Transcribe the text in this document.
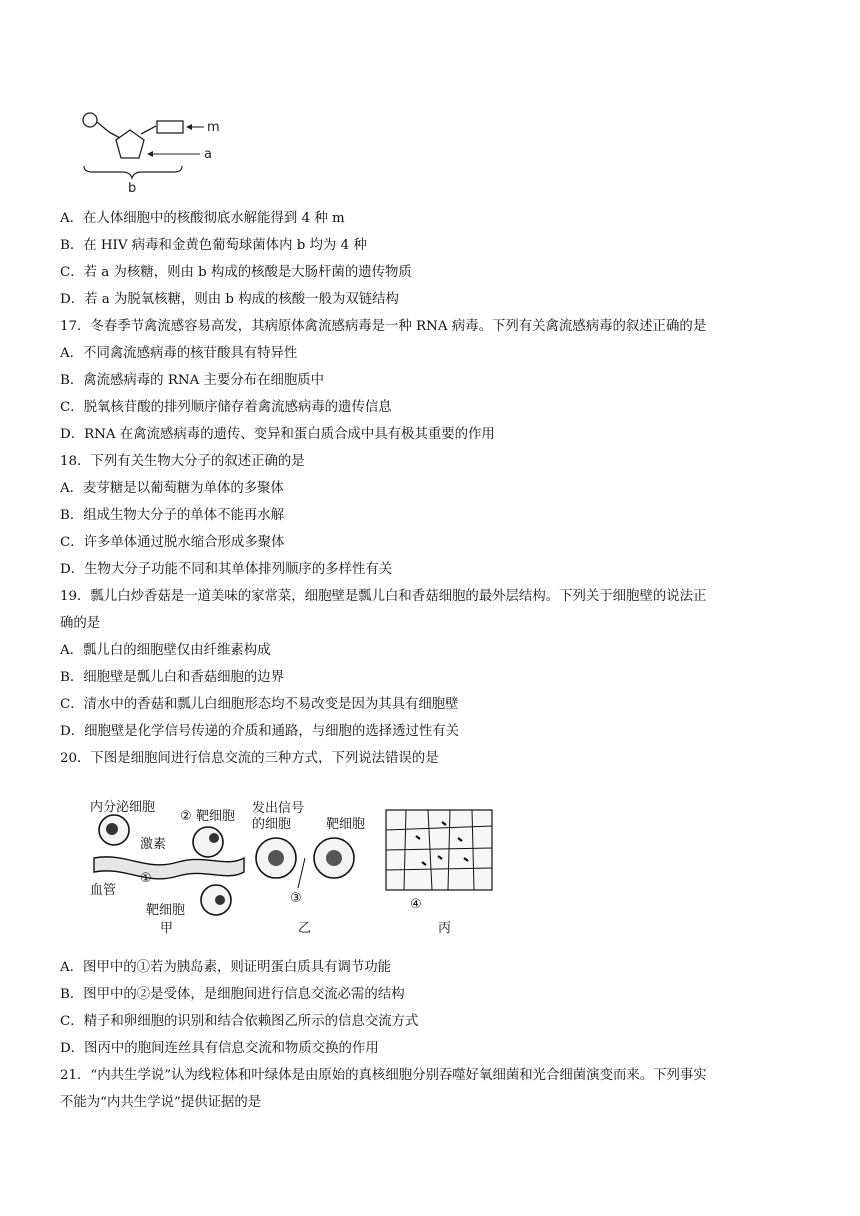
m
a
b
A．在人体细胞中的核酸彻底水解能得到 4 种 m
B．在 HIV 病毒和金黄色葡萄球菌体内 b 均为 4 种
C．若 a 为核糖，则由 b 构成的核酸是大肠杆菌的遗传物质
D．若 a 为脱氧核糖，则由 b 构成的核酸一般为双链结构
17．冬春季节禽流感容易高发，其病原体禽流感病毒是一种 RNA 病毒。下列有关禽流感病毒的叙述正确的是
A．不同禽流感病毒的核苷酸具有特异性
B．禽流感病毒的 RNA 主要分布在细胞质中
C．脱氧核苷酸的排列顺序储存着禽流感病毒的遗传信息
D．RNA 在禽流感病毒的遗传、变异和蛋白质合成中具有极其重要的作用
18．下列有关生物大分子的叙述正确的是
A．麦芽糖是以葡萄糖为单体的多聚体
B．组成生物大分子的单体不能再水解
C．许多单体通过脱水缩合形成多聚体
D．生物大分子功能不同和其单体排列顺序的多样性有关
19．瓢儿白炒香菇是一道美味的家常菜，细胞壁是瓢儿白和香菇细胞的最外层结构。下列关于细胞壁的说法正
确的是
A．瓢儿白的细胞壁仅由纤维素构成
B．细胞壁是瓢儿白和香菇细胞的边界
C．清水中的香菇和瓢儿白细胞形态均不易改变是因为其具有细胞壁
D．细胞壁是化学信号传递的介质和通路，与细胞的选择透过性有关
20．下图是细胞间进行信息交流的三种方式，下列说法错误的是
内分泌细胞
② 靶细胞
激素
①
血管
靶细胞
甲
发出信号
的细胞	靶细胞
③
乙
④
丙
A．图甲中的①若为胰岛素，则证明蛋白质具有调节功能
B．图甲中的②是受体，是细胞间进行信息交流必需的结构
C．精子和卵细胞的识别和结合依赖图乙所示的信息交流方式
D．图丙中的胞间连丝具有信息交流和物质交换的作用
21．“内共生学说”认为线粒体和叶绿体是由原始的真核细胞分别吞噬好氧细菌和光合细菌演变而来。下列事实
不能为“内共生学说”提供证据的是
